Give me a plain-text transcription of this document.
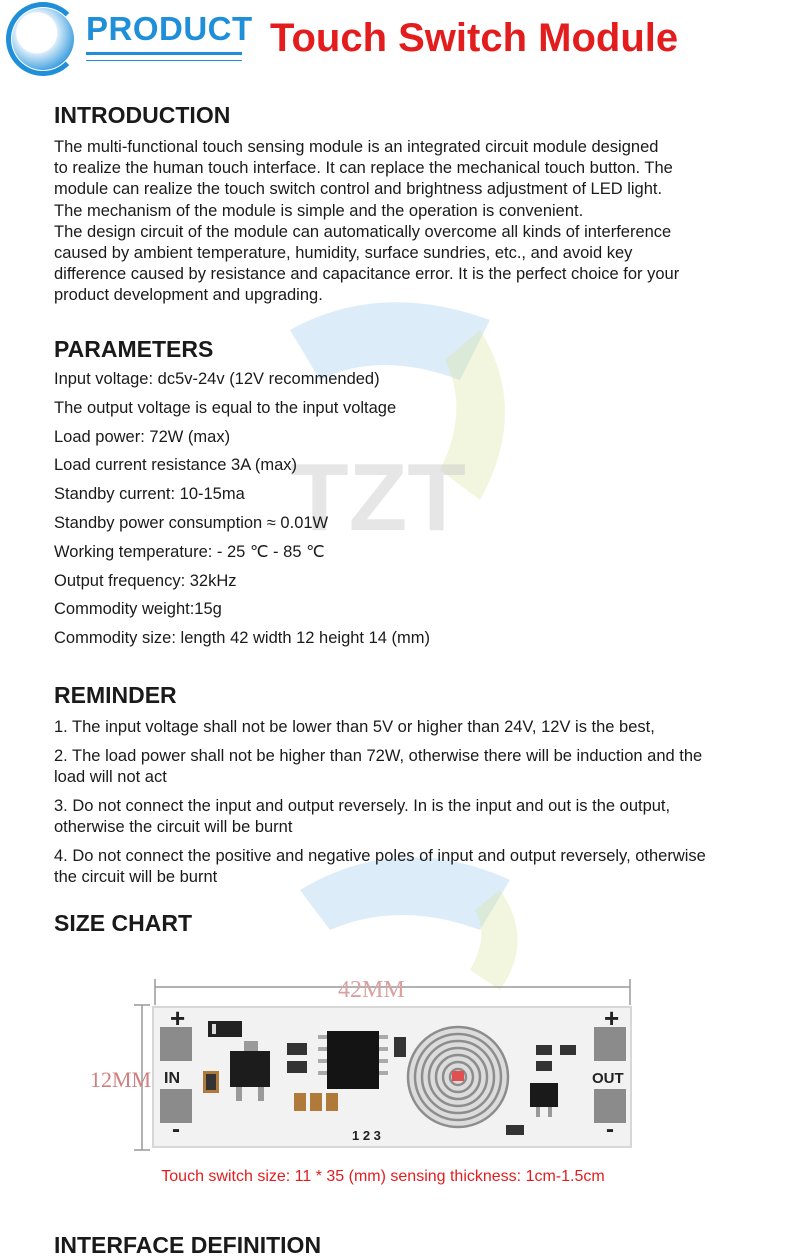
TZT
PRODUCT Touch Switch Module
INTRODUCTION

The multi-functional touch sensing module is an integrated circuit module designed

to realize the human touch interface. It can replace the mechanical touch button. The

module can realize the touch switch control and brightness adjustment of LED light.

The mechanism of the module is simple and the operation is convenient.

The design circuit of the module can automatically overcome all kinds of interference

caused by ambient temperature, humidity, surface sundries, etc., and avoid key

difference caused by resistance and capacitance error. It is the perfect choice for your

product development and upgrading.

PARAMETERS
Input voltage: dc5v-24v (12V recommended)
The output voltage is equal to the input voltage
Load power: 72W (max)
Load current resistance 3A (max)
Standby current: 10-15ma
Standby power consumption ≈ 0.01W
Working temperature: - 25 ℃ - 85 ℃
Output frequency: 32kHz
Commodity weight:15g
Commodity size: length 42 width 12 height 14 (mm)
REMINDER
1. The input voltage shall not be lower than 5V or higher than 24V, 12V is the best,
2. The load power shall not be higher than 72W, otherwise there will be induction and the load will not act
3. Do not connect the input and output reversely. In is the input and out is the output, otherwise the circuit will be burnt
4. Do not connect the positive and negative poles of input and output reversely, otherwise the circuit will be burnt
SIZE CHART
42MM
12MM
+
-
+
-
IN	OUT
1 2 3
Touch switch size: 11 * 35 (mm) sensing thickness: 1cm-1.5cm
INTERFACE DEFINITION
